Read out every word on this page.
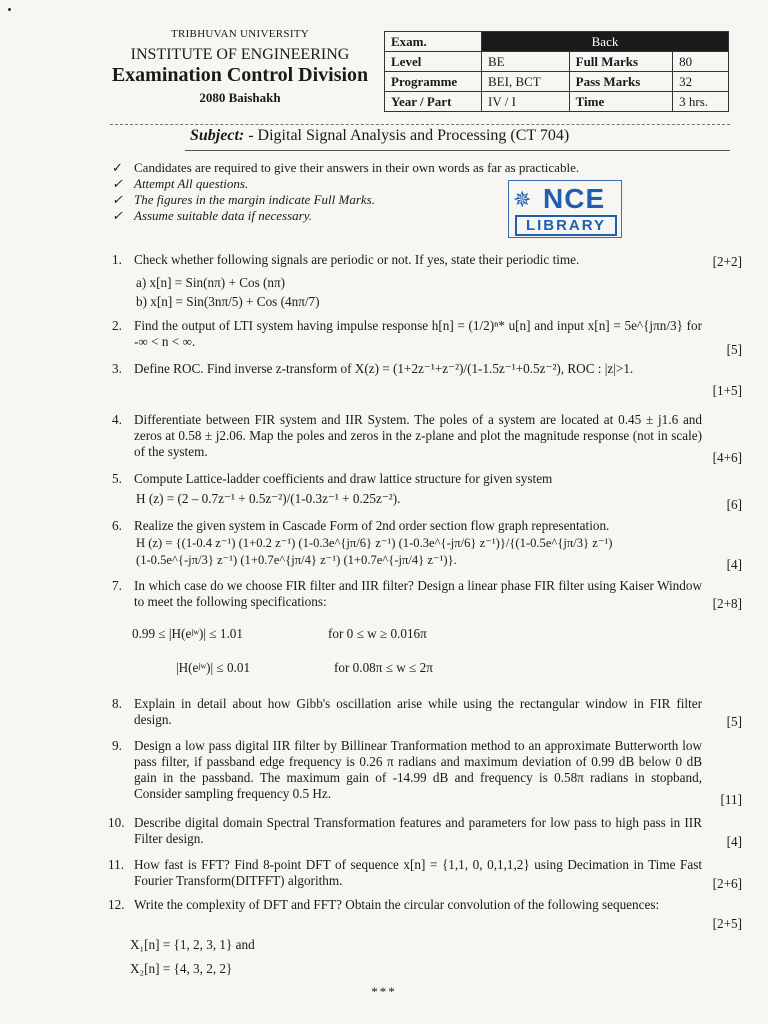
TRIBHUVAN UNIVERSITY
INSTITUTE OF ENGINEERING
Examination Control Division
2080 Baishakh
Exam.	Back		
Level	BE	Full Marks	80
Programme	BEI, BCT	Pass Marks	32
Year / Part	IV / I	Time	3 hrs.
Subject: - Digital Signal Analysis and Processing (CT 704)
✓ Candidates are required to give their answers in their own words as far as practicable.
✓ Attempt All questions.
✓ The figures in the margin indicate Full Marks.
✓ Assume suitable data if necessary.
✵ NCE
LIBRARY
1. Check whether following signals are periodic or not. If yes, state their periodic time.	[2+2]
a) x[n] = Sin(nπ) + Cos (nπ)
b) x[n] = Sin(3nπ/5) + Cos (4nπ/7)
2. Find the output of LTI system having impulse response h[n] = (1/2)ⁿ* u[n] and input x[n] = 5e^{jπn/3} for -∞ < n < ∞.
[5]
3. Define ROC. Find inverse z-transform of X(z) = (1+2z⁻¹+z⁻²)/(1-1.5z⁻¹+0.5z⁻²), ROC : |z|>1.
[1+5]
4. Differentiate between FIR system and IIR System. The poles of a system are located at 0.45 ± j1.6 and zeros at 0.58 ± j2.06. Map the poles and zeros in the z-plane and plot the magnitude response (not in scale) of the system.	[4+6]
5. Compute Lattice-ladder coefficients and draw lattice structure for given system
H (z) = (2 – 0.7z⁻¹ + 0.5z⁻²)/(1-0.3z⁻¹ + 0.25z⁻²).	[6]
6. Realize the given system in Cascade Form of 2nd order section flow graph representation.
H (z) = {(1-0.4 z⁻¹) (1+0.2 z⁻¹) (1-0.3e^{jπ/6} z⁻¹) (1-0.3e^{-jπ/6} z⁻¹)}/{(1-0.5e^{jπ/3} z⁻¹)
(1-0.5e^{-jπ/3} z⁻¹) (1+0.7e^{jπ/4} z⁻¹) (1+0.7e^{-jπ/4} z⁻¹)}.	[4]
7. In which case do we choose FIR filter and IIR filter? Design a linear phase FIR filter using Kaiser Window to meet the following specifications:	[2+8]
0.99 ≤ |H(eʲʷ)| ≤ 1.01	for 0 ≤ w ≥ 0.016π
|H(eʲʷ)| ≤ 0.01	for 0.08π ≤ w ≤ 2π
8. Explain in detail about how Gibb's oscillation arise while using the rectangular window in FIR filter design.	[5]
9. Design a low pass digital IIR filter by Billinear Tranformation method to an approximate Butterworth low pass filter, if passband edge frequency is 0.26 π radians and maximum deviation of 0.99 dB below 0 dB gain in the passband. The maximum gain of -14.99 dB and frequency is 0.58π radians in stopband, Consider sampling frequency 0.5 Hz.	[11]
10. Describe digital domain Spectral Transformation features and parameters for low pass to high pass in IIR Filter design.	[4]
11. How fast is FFT? Find 8-point DFT of sequence x[n] = {1,1, 0, 0,1,1,2} using Decimation in Time Fast Fourier Transform(DITFFT) algorithm.	[2+6]
12. Write the complexity of DFT and FFT? Obtain the circular convolution of the following sequences:
[2+5]
X₁[n] = {1, 2, 3, 1} and
X₂[n] = {4, 3, 2, 2}
***
